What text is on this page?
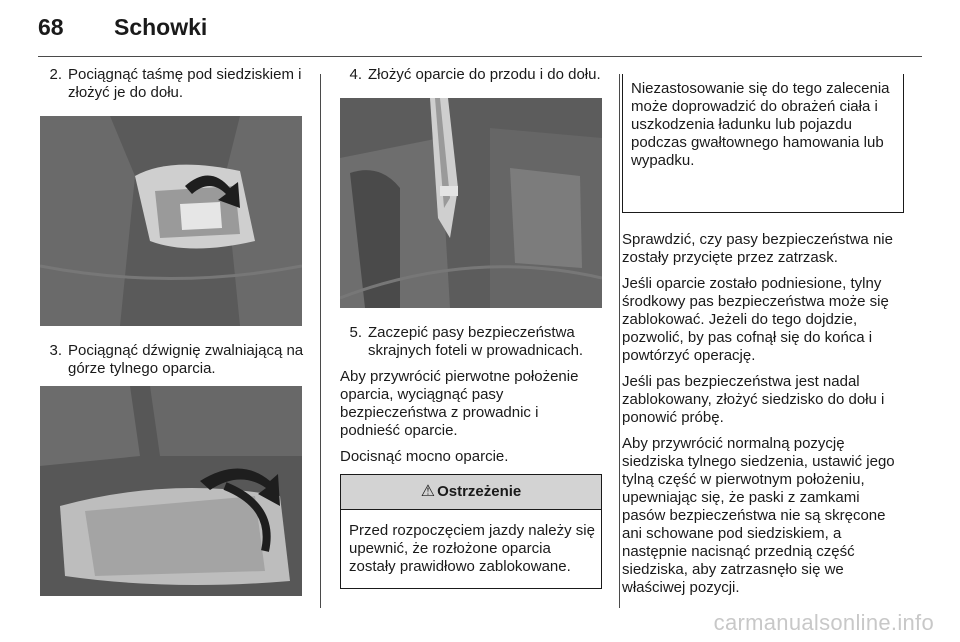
68	Schowki
2. Pociągnąć taśmę pod siedziskiem i złożyć je do dołu.
3. Pociągnąć dźwignię zwalniającą na górze tylnego oparcia.
4. Złożyć oparcie do przodu i do dołu.
5. Zaczepić pasy bezpieczeństwa skrajnych foteli w prowadnicach.

Aby przywrócić pierwotne położenie oparcia, wyciągnąć pasy bezpieczeństwa z prowadnic i podnieść oparcie.

Docisnąć mocno oparcie.

⚠ Ostrzeżenie
Przed rozpoczęciem jazdy należy się upewnić, że rozłożone oparcia zostały prawidłowo zablokowane.
Niezastosowanie się do tego zalecenia może doprowadzić do obrażeń ciała i uszkodzenia ładunku lub pojazdu podczas gwałtownego hamowania lub wypadku.

Sprawdzić, czy pasy bezpieczeństwa nie zostały przycięte przez zatrzask.

Jeśli oparcie zostało podniesione, tylny środkowy pas bezpieczeństwa może się zablokować. Jeżeli do tego dojdzie, pozwolić, by pas cofnął się do końca i powtórzyć operację.

Jeśli pas bezpieczeństwa jest nadal zablokowany, złożyć siedzisko do dołu i ponowić próbę.

Aby przywrócić normalną pozycję siedziska tylnego siedzenia, ustawić jego tylną część w pierwotnym położeniu, upewniając się, że paski z zamkami pasów bezpieczeństwa nie są skręcone ani schowane pod siedziskiem, a następnie nacisnąć przednią część siedziska, aby zatrzasnęło się we właściwej pozycji.

carmanualsonline.info
